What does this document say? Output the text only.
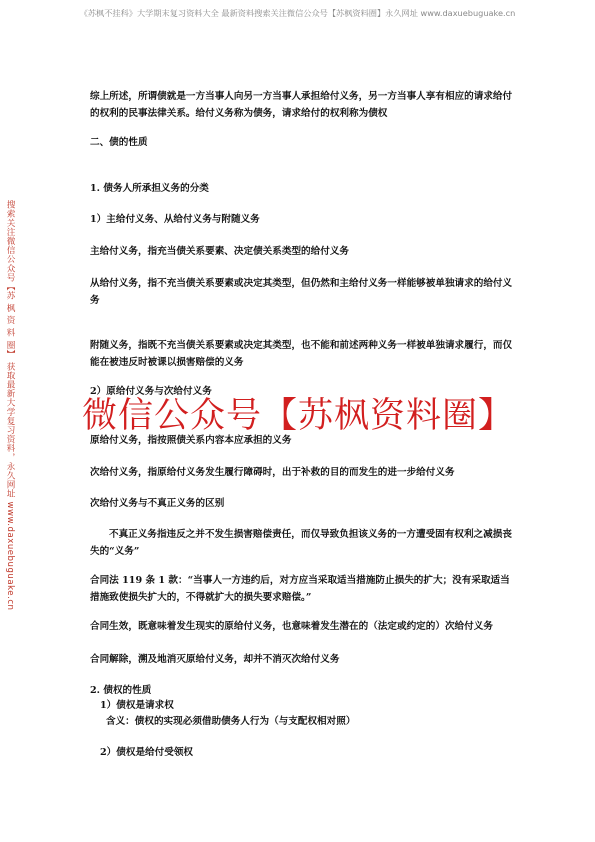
《苏枫不挂科》大学期末复习资料大全 最新资料搜索关注微信公众号【苏枫资料圈】永久网址 www.daxuebuguake.cn
搜索关注微信公众号【苏 枫 资 料 圈】 获取最新大学复习资料，永久网址 www.daxuebuguake.cn
综上所述，所谓债就是一方当事人向另一方当事人承担给付义务，另一方当事人享有相应的请求给付的权利的民事法律关系。给付义务称为债务，请求给付的权利称为债权
二、债的性质
1. 债务人所承担义务的分类
1）主给付义务、从给付义务与附随义务
主给付义务，指充当债关系要素、决定债关系类型的给付义务
从给付义务，指不充当债关系要素或决定其类型，但仍然和主给付义务一样能够被单独请求的给付义务
附随义务，指既不充当债关系要素或决定其类型，也不能和前述两种义务一样被单独请求履行，而仅能在被违反时被课以损害赔偿的义务
2）原给付义务与次给付义务
微信公众号【苏枫资料圈】
原给付义务，指按照债关系内容本应承担的义务
次给付义务，指原给付义务发生履行障碍时，出于补救的目的而发生的进一步给付义务
次给付义务与不真正义务的区别
不真正义务指违反之并不发生损害赔偿责任，而仅导致负担该义务的一方遭受固有权利之减损丧失的“义务”
合同法 119 条 1 款：“当事人一方违约后，对方应当采取适当措施防止损失的扩大；没有采取适当措施致使损失扩大的，不得就扩大的损失要求赔偿。”
合同生效，既意味着发生现实的原给付义务，也意味着发生潜在的（法定或约定的）次给付义务
合同解除，溯及地消灭原给付义务，却并不消灭次给付义务
2. 债权的性质
1）债权是请求权
含义：债权的实现必须借助债务人行为（与支配权相对照）
2）债权是给付受领权
